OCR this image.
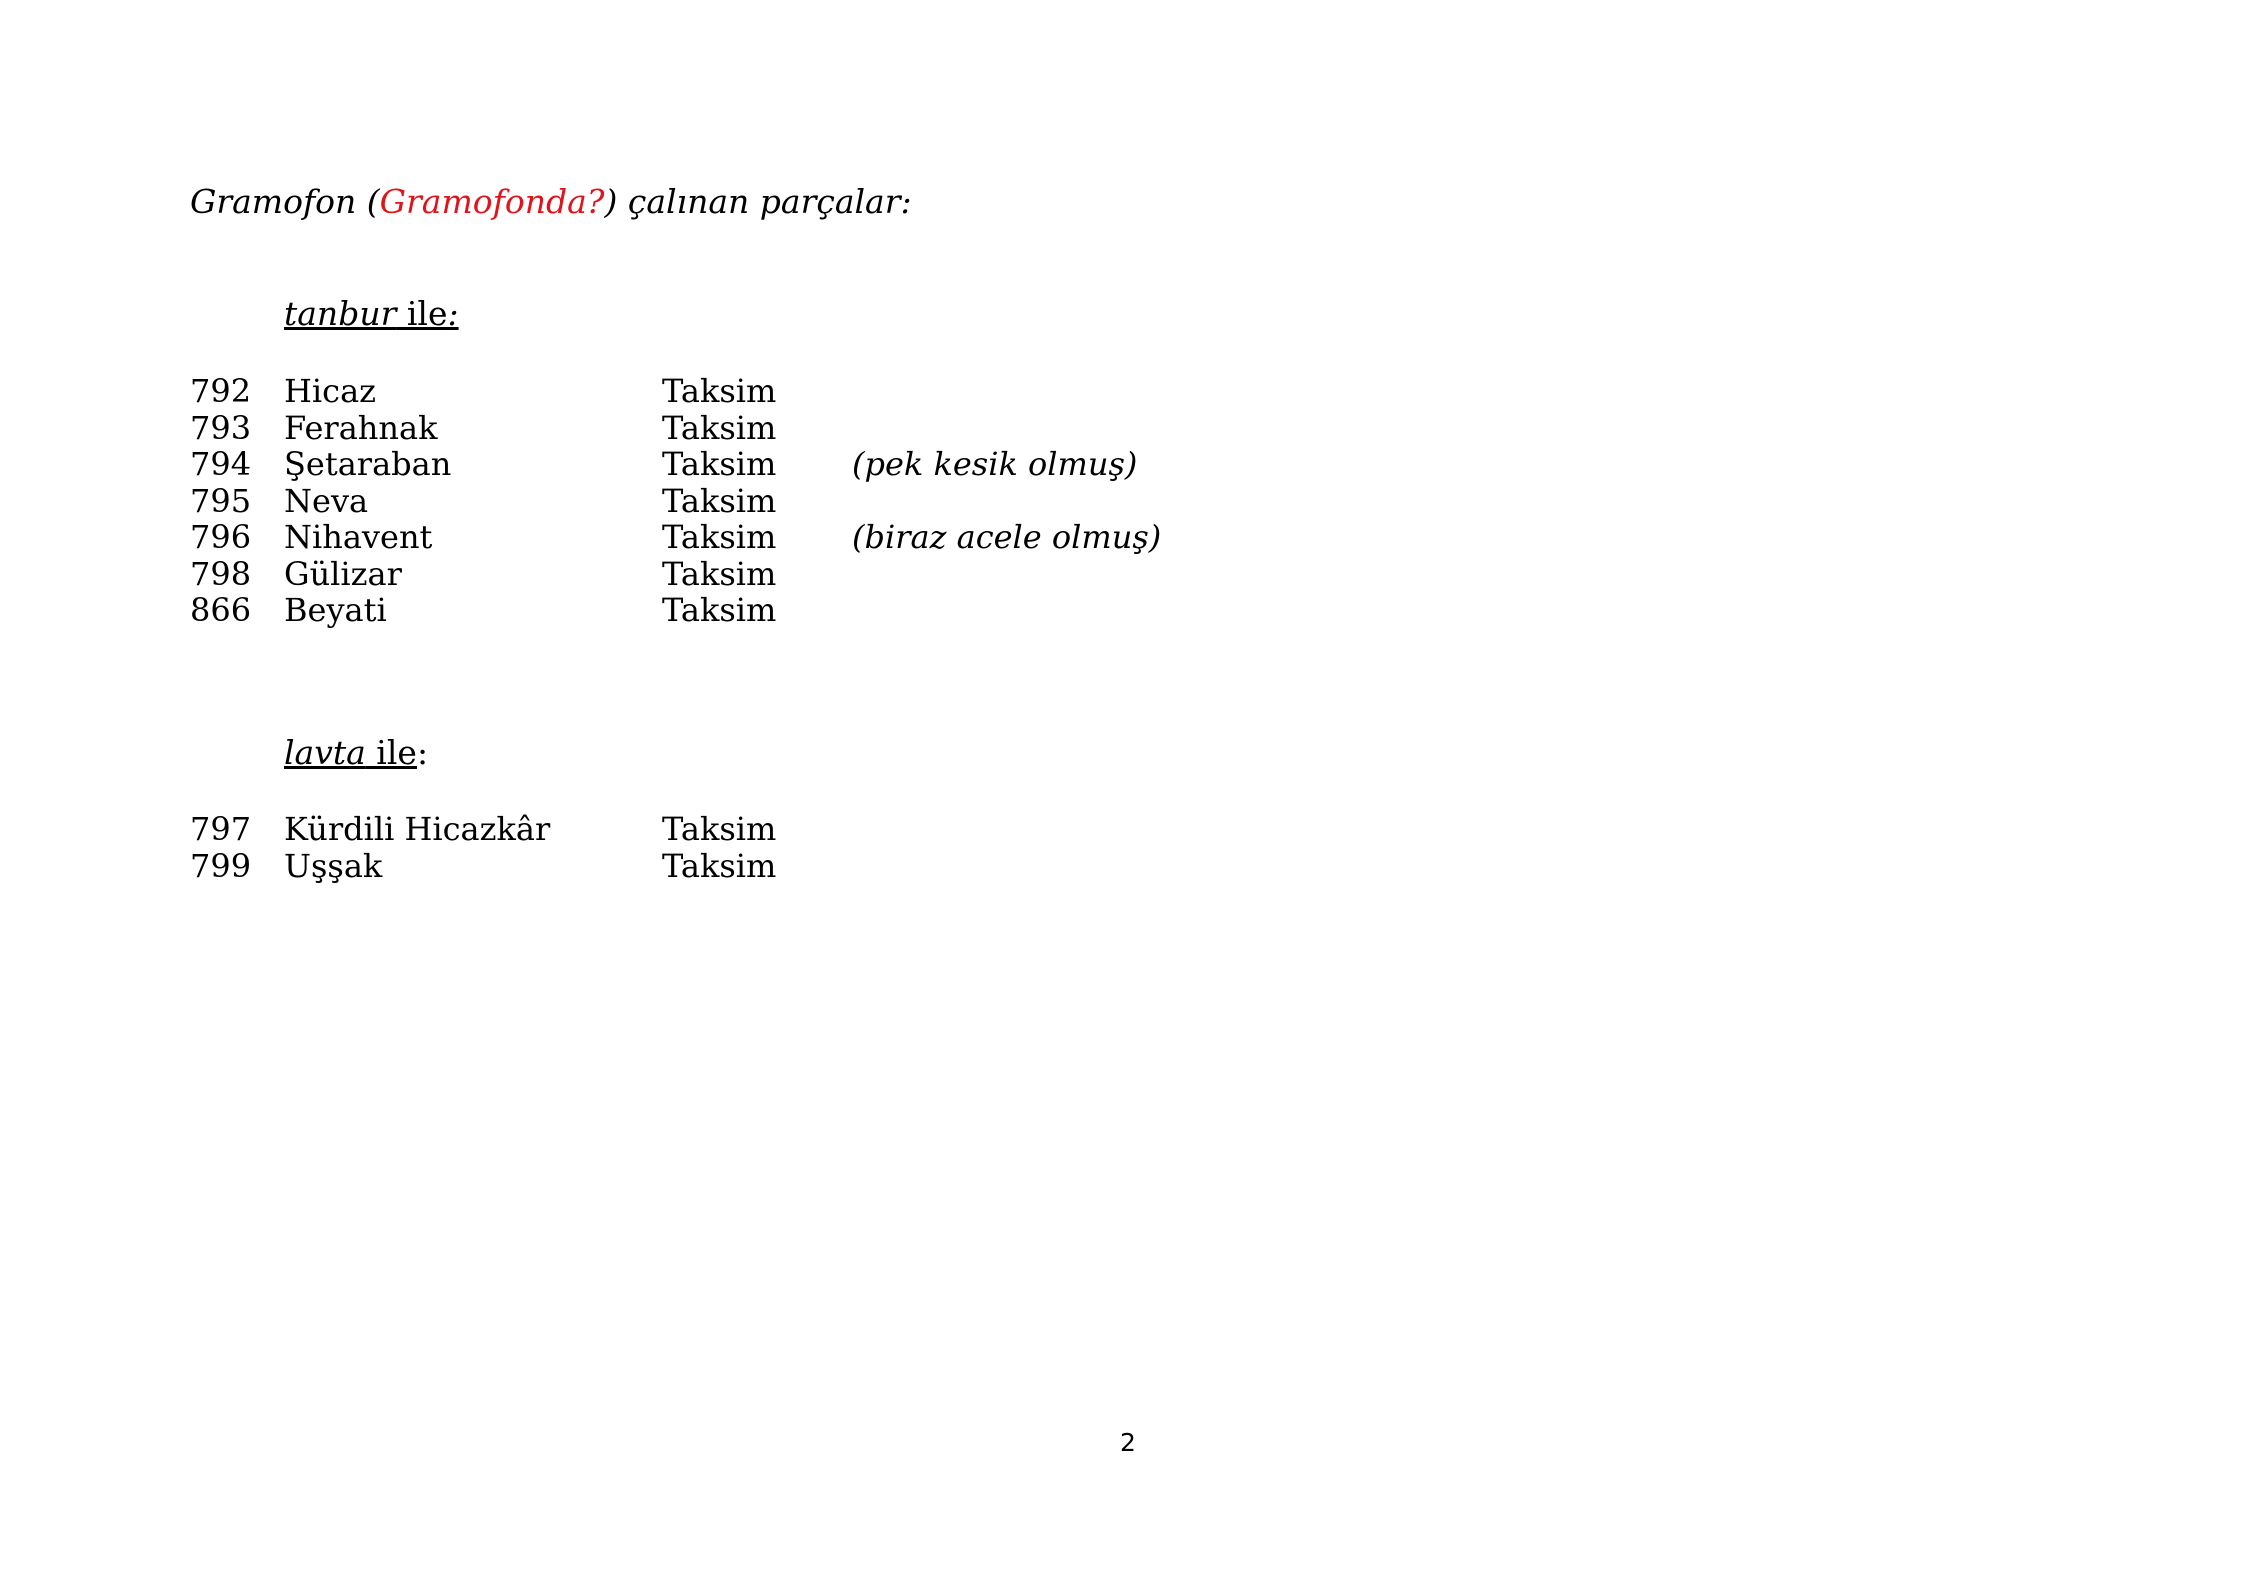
Gramofon (Gramofonda?) çalınan parçalar:
tanbur ile:
792 Hicaz	Taksim
793 Ferahnak	Taksim
794 Şetaraban	Taksim (pek kesik olmuş)
795 Neva	Taksim
796 Nihavent	Taksim (biraz acele olmuş)
798 Gülizar	Taksim
866 Beyati	Taksim
lavta ile:
797 Kürdili Hicazkâr	Taksim
799 Uşşak	Taksim
2
